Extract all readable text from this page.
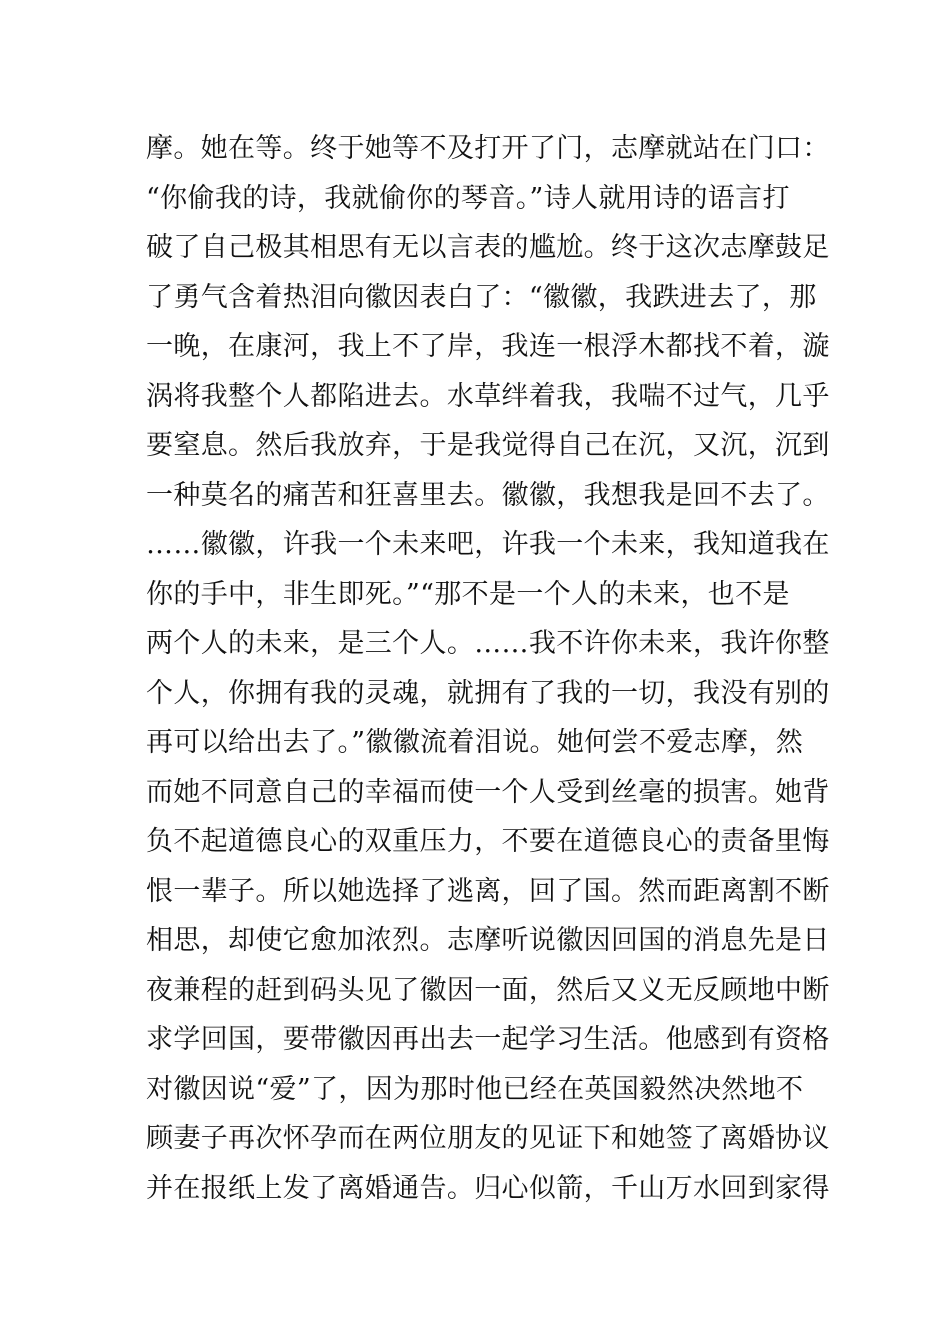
摩。她在等。终于她等不及打开了门，志摩就站在门口：
“你偷我的诗，我就偷你的琴音。”诗人就用诗的语言打
破了自己极其相思有无以言表的尴尬。终于这次志摩鼓足
了勇气含着热泪向徽因表白了：“徽徽，我跌进去了，那
一晚，在康河，我上不了岸，我连一根浮木都找不着，漩
涡将我整个人都陷进去。水草绊着我，我喘不过气，几乎
要窒息。然后我放弃，于是我觉得自己在沉，又沉，沉到
一种莫名的痛苦和狂喜里去。徽徽，我想我是回不去了。
……徽徽，许我一个未来吧，许我一个未来，我知道我在
你的手中，非生即死。”“那不是一个人的未来，也不是
两个人的未来，是三个人。……我不许你未来，我许你整
个人，你拥有我的灵魂，就拥有了我的一切，我没有别的
再可以给出去了。”徽徽流着泪说。她何尝不爱志摩，然
而她不同意自己的幸福而使一个人受到丝毫的损害。她背
负不起道德良心的双重压力，不要在道德良心的责备里悔
恨一辈子。所以她选择了逃离，回了国。然而距离割不断
相思，却使它愈加浓烈。志摩听说徽因回国的消息先是日
夜兼程的赶到码头见了徽因一面，然后又义无反顾地中断
求学回国，要带徽因再出去一起学习生活。他感到有资格
对徽因说“爱”了，因为那时他已经在英国毅然决然地不
顾妻子再次怀孕而在两位朋友的见证下和她签了离婚协议
并在报纸上发了离婚通告。归心似箭，千山万水回到家得
